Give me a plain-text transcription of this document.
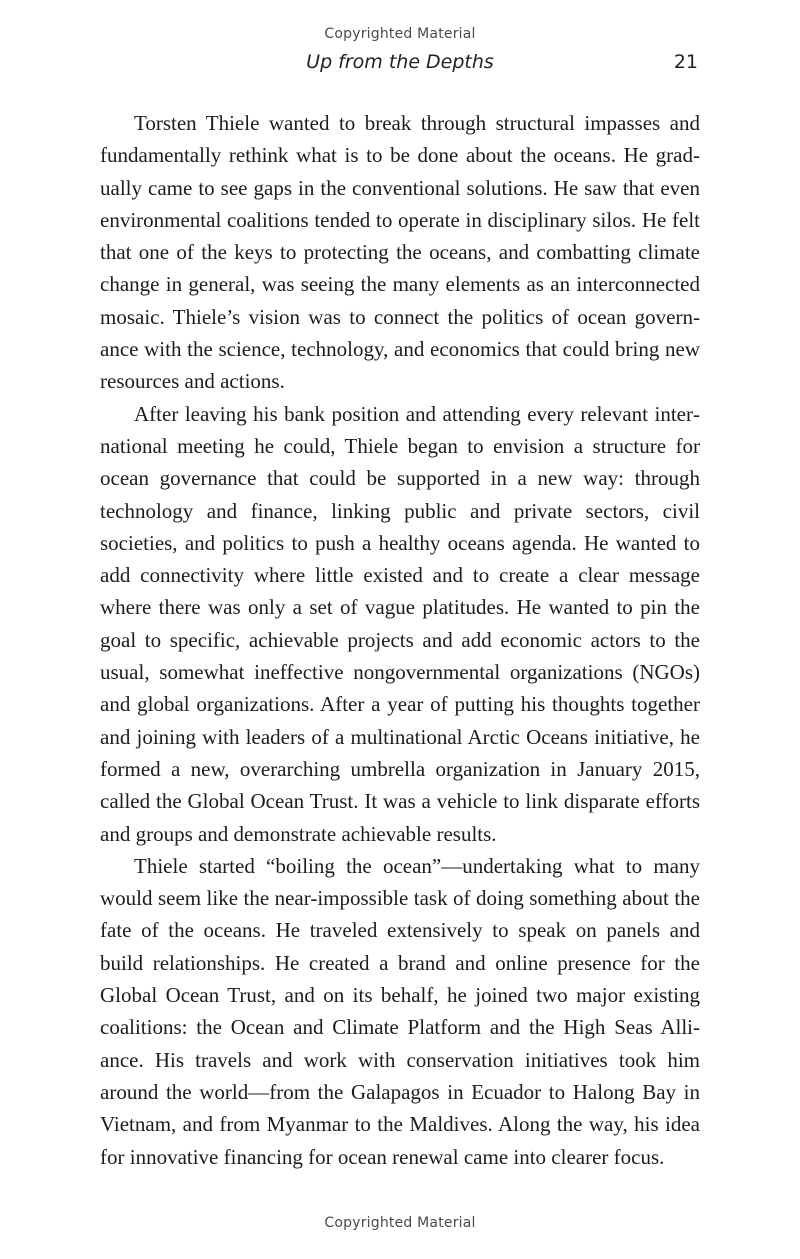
Copyrighted Material
Up from the Depths	21

Torsten Thiele wanted to break through structural impasses and fundamentally rethink what is to be done about the oceans. He gradually came to see gaps in the conventional solutions. He saw that even environmental coalitions tended to operate in disciplinary silos. He felt that one of the keys to protecting the oceans, and combatting climate change in general, was seeing the many elements as an interconnected mosaic. Thiele’s vision was to connect the politics of ocean governance with the science, technology, and economics that could bring new resources and actions.

After leaving his bank position and attending every relevant international meeting he could, Thiele began to envision a structure for ocean governance that could be supported in a new way: through technology and finance, linking public and private sectors, civil societies, and politics to push a healthy oceans agenda. He wanted to add connectivity where little existed and to create a clear message where there was only a set of vague platitudes. He wanted to pin the goal to specific, achievable projects and add economic actors to the usual, somewhat ineffective nongovernmental organizations (NGOs) and global organizations. After a year of putting his thoughts together and joining with leaders of a multinational Arctic Oceans initiative, he formed a new, overarching umbrella organization in January 2015, called the Global Ocean Trust. It was a vehicle to link disparate efforts and groups and demonstrate achievable results.

Thiele started “boiling the ocean”—undertaking what to many would seem like the near-impossible task of doing something about the fate of the oceans. He traveled extensively to speak on panels and build relationships. He created a brand and online presence for the Global Ocean Trust, and on its behalf, he joined two major existing coalitions: the Ocean and Climate Platform and the High Seas Alliance. His travels and work with conservation initiatives took him around the world—from the Galapagos in Ecuador to Halong Bay in Vietnam, and from Myanmar to the Maldives. Along the way, his idea for innovative financing for ocean renewal came into clearer focus.

Copyrighted Material
